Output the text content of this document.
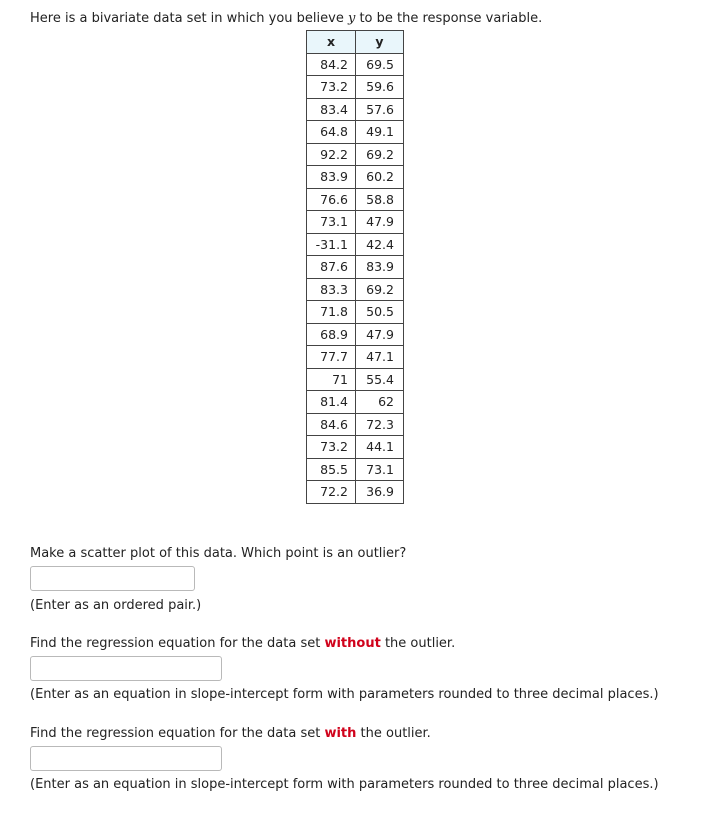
Here is a bivariate data set in which you believe y to be the response variable.
x	y
84.2	69.5
73.2	59.6
83.4	57.6
64.8	49.1
92.2	69.2
83.9	60.2
76.6	58.8
73.1	47.9
-31.1	42.4
87.6	83.9
83.3	69.2
71.8	50.5
68.9	47.9
77.7	47.1
71	55.4
81.4	62
84.6	72.3
73.2	44.1
85.5	73.1
72.2	36.9
Make a scatter plot of this data. Which point is an outlier?
(Enter as an ordered pair.)
Find the regression equation for the data set without the outlier.
(Enter as an equation in slope-intercept form with parameters rounded to three decimal places.)
Find the regression equation for the data set with the outlier.
(Enter as an equation in slope-intercept form with parameters rounded to three decimal places.)
